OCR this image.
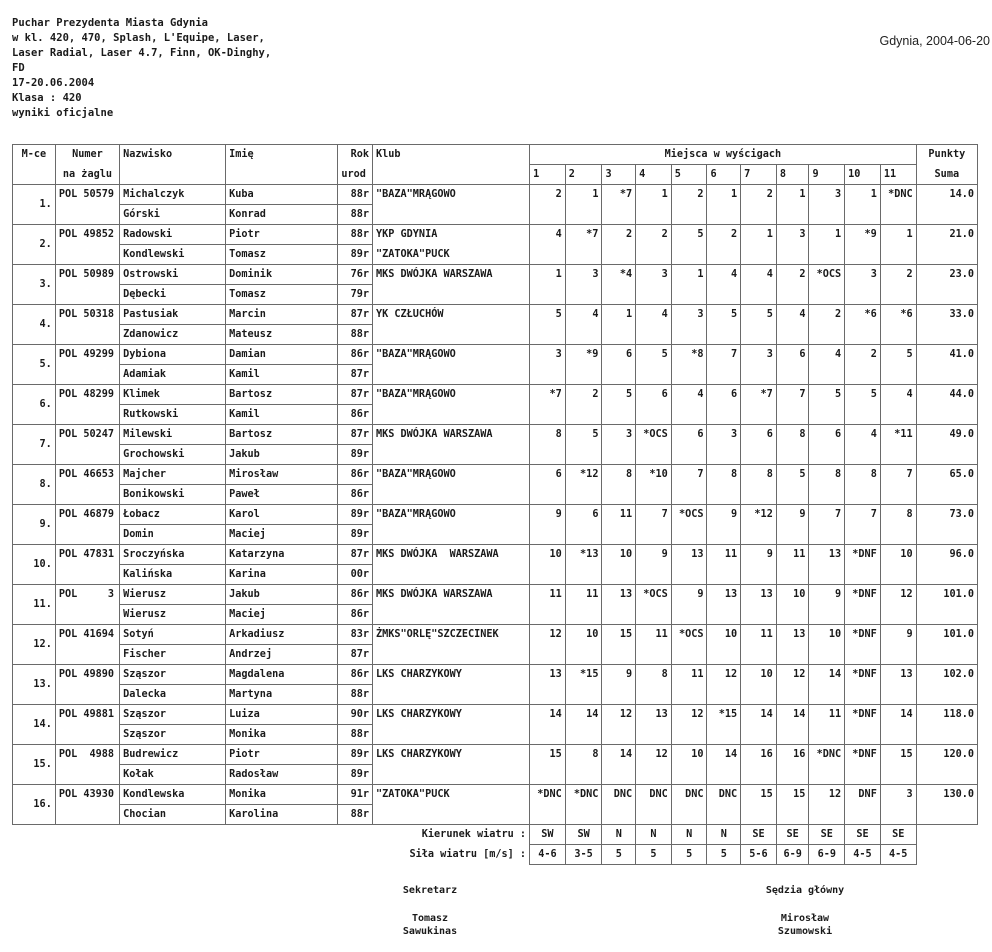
Puchar Prezydenta Miasta Gdynia
w kl. 420, 470, Splash, L'Equipe, Laser,
Laser Radial, Laser 4.7, Finn, OK-Dinghy,
FD
17-20.06.2004
Klasa : 420
wyniki oficjalne
Gdynia, 2004-06-20
M-ce	Numer	Nazwisko	Imię	Rok	Klub	Miejsca w wyścigach											Punkty
	na żaglu			urod		1	2	3	4	5	6	7	8	9	10	11	Suma
1.	POL 50579	Michalczyk	Kuba	88r	"BAZA"MRĄGOWO	2	1	*7	1	2	1	2	1	3	1	*DNC	14.0
		Górski	Konrad	88r													
2.	POL 49852	Radowski	Piotr	88r	YKP GDYNIA	4	*7	2	2	5	2	1	3	1	*9	1	21.0
		Kondlewski	Tomasz	89r	"ZATOKA"PUCK												
3.	POL 50989	Ostrowski	Dominik	76r	MKS DWÓJKA WARSZAWA	1	3	*4	3	1	4	4	2	*OCS	3	2	23.0
		Dębecki	Tomasz	79r													
4.	POL 50318	Pastusiak	Marcin	87r	YK CZŁUCHÓW	5	4	1	4	3	5	5	4	2	*6	*6	33.0
		Zdanowicz	Mateusz	88r													
5.	POL 49299	Dybiona	Damian	86r	"BAZA"MRĄGOWO	3	*9	6	5	*8	7	3	6	4	2	5	41.0
		Adamiak	Kamil	87r													
6.	POL 48299	Klimek	Bartosz	87r	"BAZA"MRĄGOWO	*7	2	5	6	4	6	*7	7	5	5	4	44.0
		Rutkowski	Kamil	86r													
7.	POL 50247	Milewski	Bartosz	87r	MKS DWÓJKA WARSZAWA	8	5	3	*OCS	6	3	6	8	6	4	*11	49.0
		Grochowski	Jakub	89r													
8.	POL 46653	Majcher	Mirosław	86r	"BAZA"MRĄGOWO	6	*12	8	*10	7	8	8	5	8	8	7	65.0
		Bonikowski	Paweł	86r													
9.	POL 46879	Łobacz	Karol	89r	"BAZA"MRĄGOWO	9	6	11	7	*OCS	9	*12	9	7	7	8	73.0
		Domin	Maciej	89r													
10.	POL 47831	Sroczyńska	Katarzyna	87r	MKS DWÓJKA  WARSZAWA	10	*13	10	9	13	11	9	11	13	*DNF	10	96.0
		Kalińska	Karina	00r													
11.	POL     3	Wierusz	Jakub	86r	MKS DWÓJKA WARSZAWA	11	11	13	*OCS	9	13	13	10	9	*DNF	12	101.0
		Wierusz	Maciej	86r													
12.	POL 41694	Sotyń	Arkadiusz	83r	ŻMKS"ORLĘ"SZCZECINEK	12	10	15	11	*OCS	10	11	13	10	*DNF	9	101.0
		Fischer	Andrzej	87r													
13.	POL 49890	Sząszor	Magdalena	86r	LKS CHARZYKOWY	13	*15	9	8	11	12	10	12	14	*DNF	13	102.0
		Dalecka	Martyna	88r													
14.	POL 49881	Sząszor	Luiza	90r	LKS CHARZYKOWY	14	14	12	13	12	*15	14	14	11	*DNF	14	118.0
		Sząszor	Monika	88r													
15.	POL  4988	Budrewicz	Piotr	89r	LKS CHARZYKOWY	15	8	14	12	10	14	16	16	*DNC	*DNF	15	120.0
		Kołak	Radosław	89r													
16.	POL 43930	Kondlewska	Monika	91r	"ZATOKA"PUCK	*DNC	*DNC	DNC	DNC	DNC	DNC	15	15	12	DNF	3	130.0
		Chocian	Karolina	88r													
Kierunek wiatru :						SW	SW	N	N	N	N	SE	SE	SE	SE	SE	
Siła wiatru [m/s] :						4-6	3-5	5	5	5	5	5-6	6-9	6-9	4-5	4-5	
Sekretarz
Tomasz
Sawukinas
Sędzia główny
Mirosław
Szumowski
